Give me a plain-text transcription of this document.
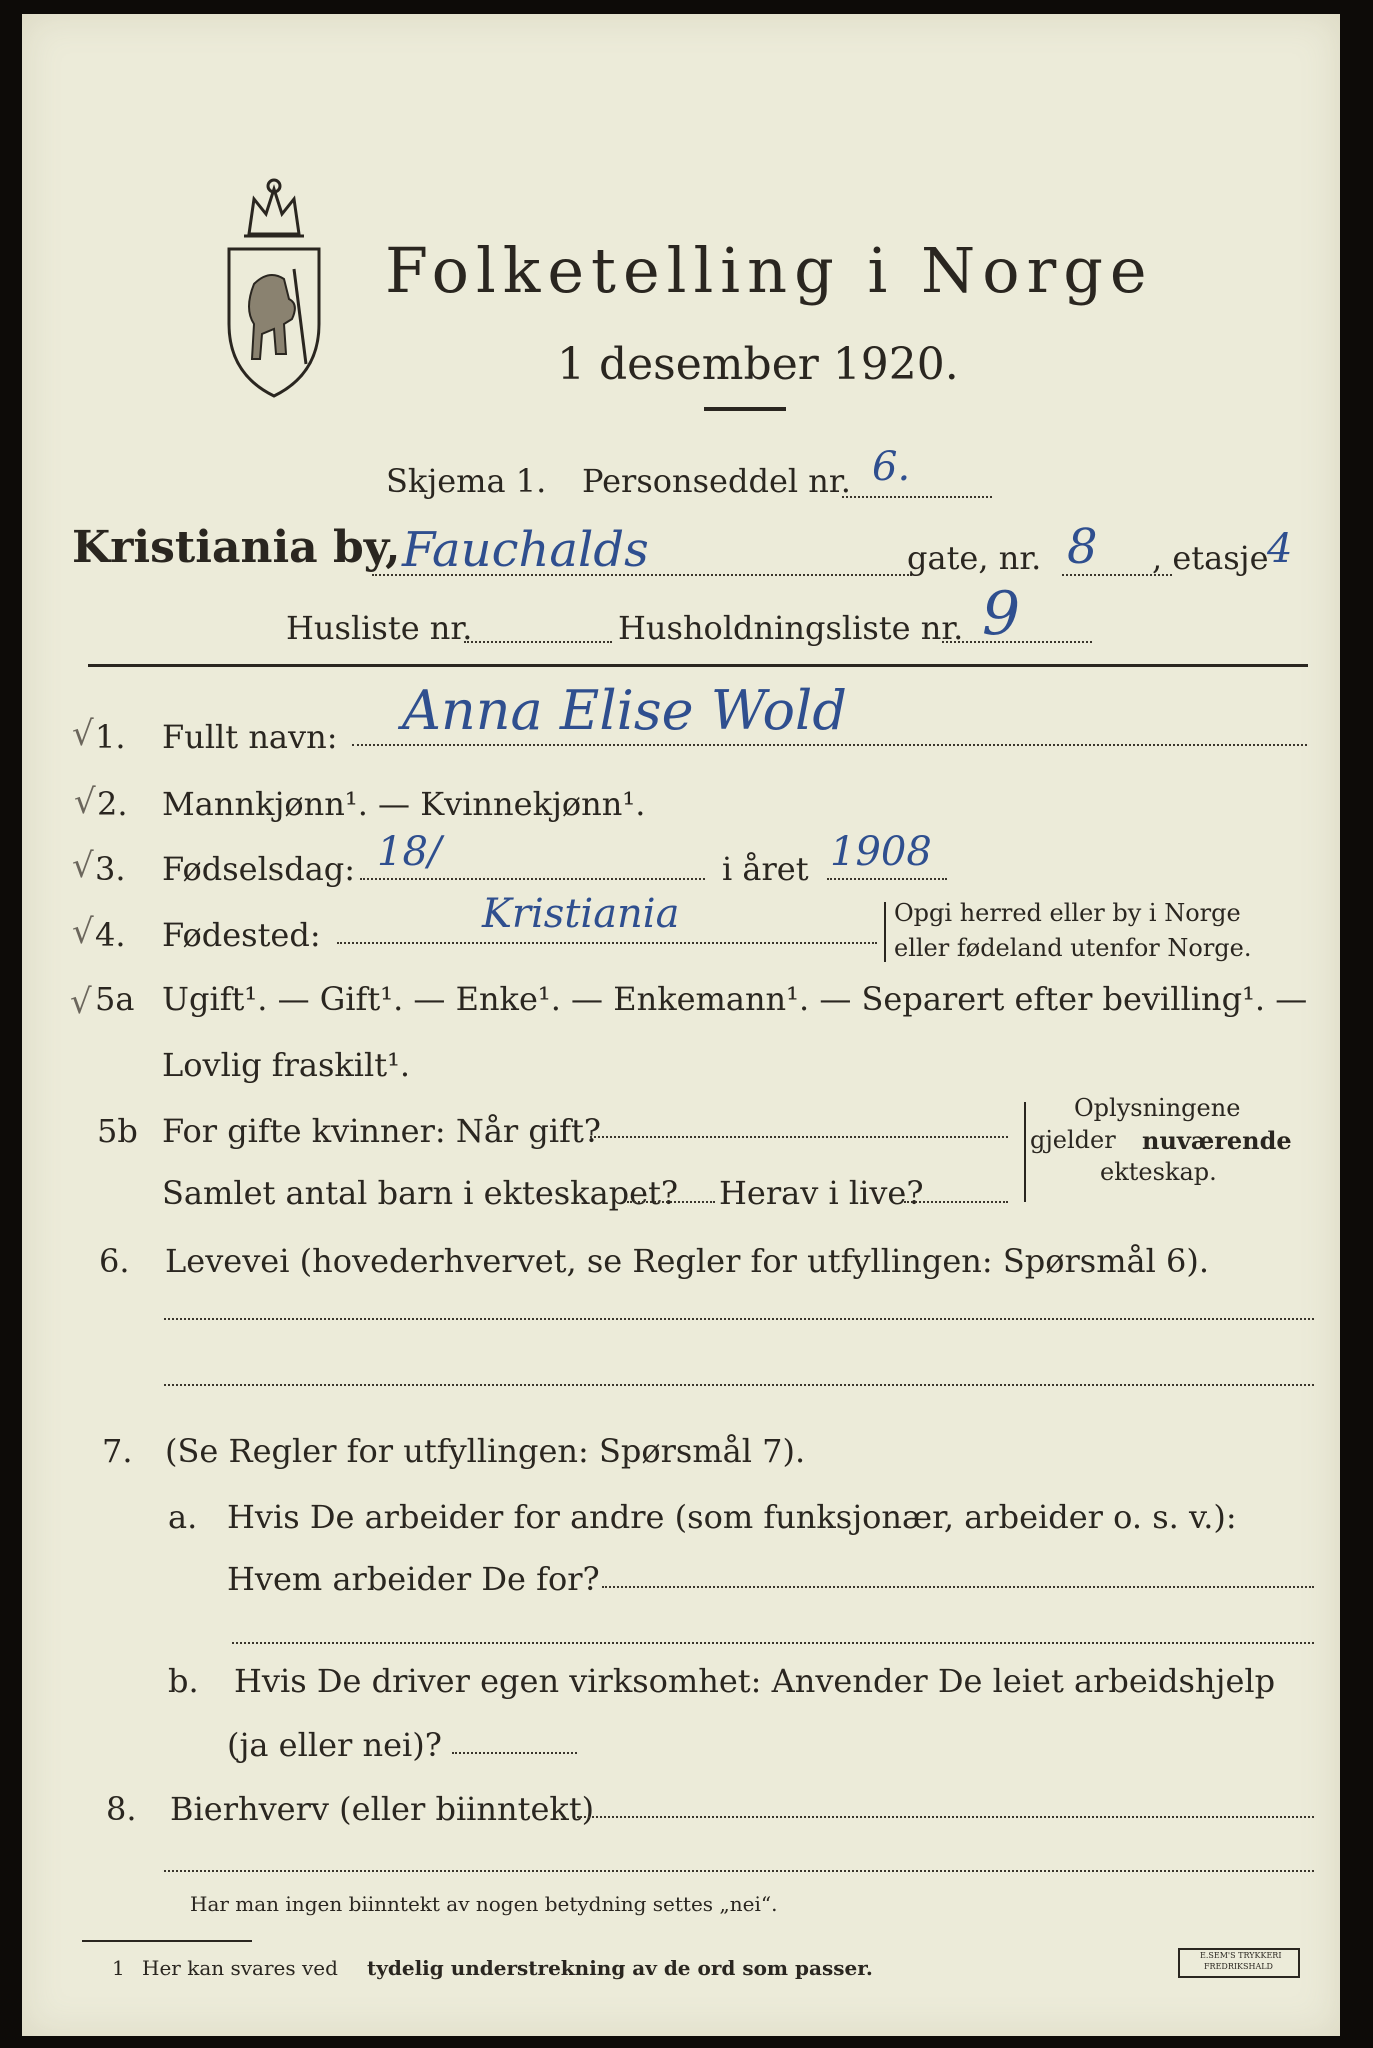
Folketelling i Norge
1 desember 1920.
Skjema 1. Personseddel nr. 6.
Kristiania by, Fauchalds	gate, nr. 8 , etasje
4
Husliste nr.	Husholdningsliste nr. 9
√ 1. Fullt navn: Anna Elise Wold
√ 2. Mannkjønn¹. — Kvinnekjønn¹.
√ 3. Fødselsdag: 18/	i året 1908
√ 4. Fødested:	Kristiania	Opgi herred eller by i Norge
eller fødeland utenfor Norge.
√ 5a Ugift¹. — Gift¹. — Enke¹. — Enkemann¹. — Separert efter bevilling¹. —
Lovlig fraskilt¹.
5b For gifte kvinner: Når gift?
Samlet antal barn i ekteskapet? Herav i live?
Oplysningene
gjelder nuværende
ekteskap.
6. Levevei (hovederhvervet, se Regler for utfyllingen: Spørsmål 6).
7. (Se Regler for utfyllingen: Spørsmål 7).
a. Hvis De arbeider for andre (som funksjonær, arbeider o. s. v.):
Hvem arbeider De for?
b. Hvis De driver egen virksomhet: Anvender De leiet arbeidshjelp
(ja eller nei)?
8. Bierhverv (eller biinntekt)
Har man ingen biinntekt av nogen betydning settes „nei“.
1 Her kan svares ved tydelig understrekning av de ord som passer.
E.SEM'S TRYKKERI
FREDRIKSHALD
